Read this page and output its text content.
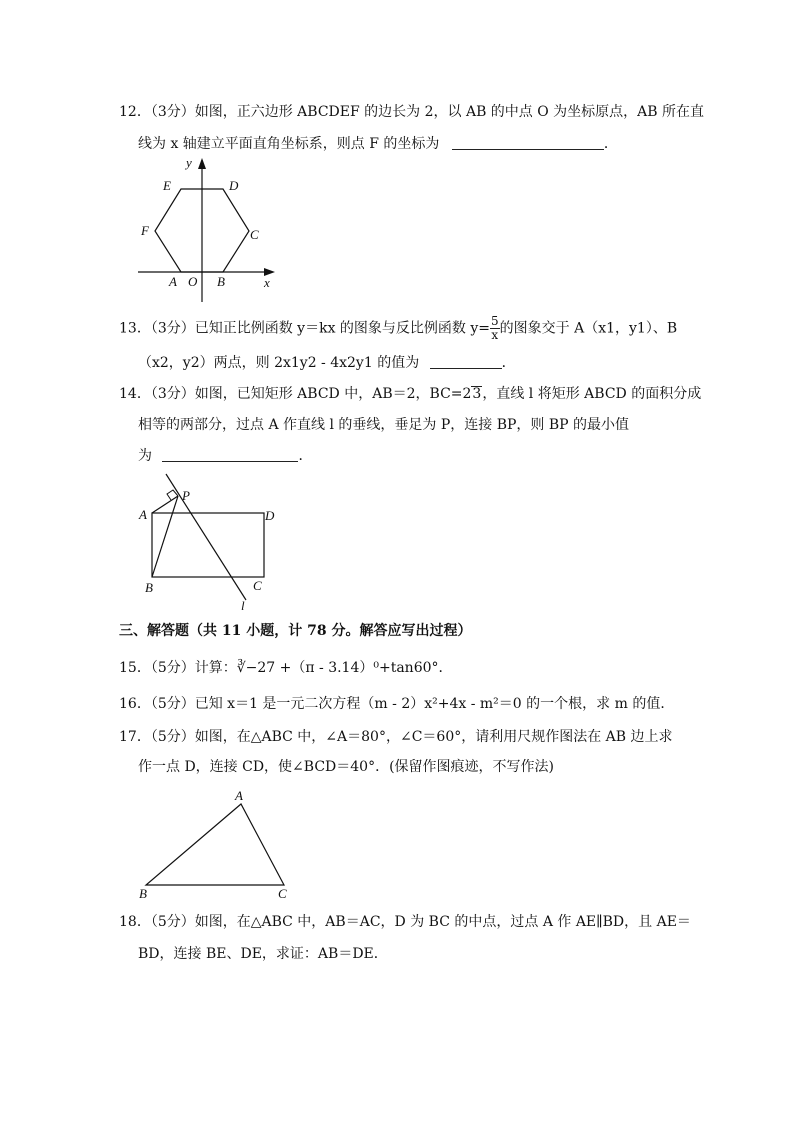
12．（3分）如图，正六边形 ABCDEF 的边长为 2，以 AB 的中点 O 为坐标原点，AB 所在直
线为 x 轴建立平面直角坐标系，则点 F 的坐标为	．
y
x
E	D
F	C
A O B
13．（3分）已知正比例函数 y＝kx 的图象与反比例函数 $y= \frac{5}{x}$ 的图象交于 A（x1，y1）、B
（x2，y2）两点，则 2x1y2 - 4x2y1 的值为	．
14．（3分）如图，已知矩形 ABCD 中，AB＝2，BC=23，直线 l 将矩形 ABCD 的面积分成
相等的两部分，过点 A 作直线 l 的垂线，垂足为 P，连接 BP，则 BP 的最小值
为	．
P
A	D
B	C
l
三、解答题（共 11 小题，计 78 分。解答应写出过程）
15．（5分）计算：∛−27 +（π - 3.14）⁰+tan60°．
16．（5分）已知 x＝1 是一元二次方程（m - 2）x²+4x - m²＝0 的一个根，求 m 的值．
17．（5分）如图，在△ABC 中，∠A＝80°，∠C＝60°，请利用尺规作图法在 AB 边上求
作一点 D，连接 CD，使∠BCD＝40°．(保留作图痕迹，不写作法)
A
B	C
18．（5分）如图，在△ABC 中，AB＝AC，D 为 BC 的中点，过点 A 作 AE∥BD，且 AE＝
BD，连接 BE、DE，求证：AB＝DE．
